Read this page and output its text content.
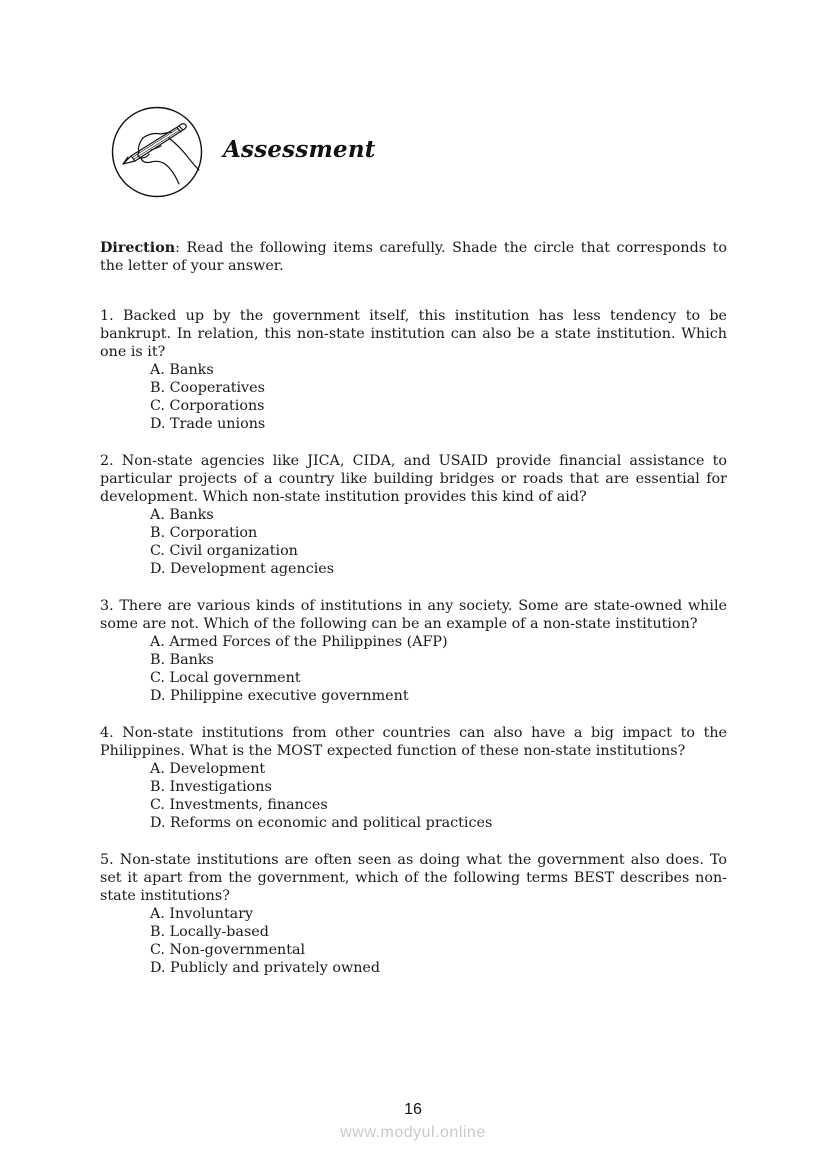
Assessment

Direction: Read the following items carefully. Shade the circle that corresponds to the letter of your answer.

1. Backed up by the government itself, this institution has less tendency to be bankrupt. In relation, this non-state institution can also be a state institution. Which one is it?

A. Banks
B. Cooperatives
C. Corporations
D. Trade unions

2. Non-state agencies like JICA, CIDA, and USAID provide financial assistance to particular projects of a country like building bridges or roads that are essential for development. Which non-state institution provides this kind of aid?

A. Banks
B. Corporation
C. Civil organization
D. Development agencies

3. There are various kinds of institutions in any society. Some are state-owned while some are not. Which of the following can be an example of a non-state institution?

A. Armed Forces of the Philippines (AFP)
B. Banks
C. Local government
D. Philippine executive government

4. Non-state institutions from other countries can also have a big impact to the Philippines. What is the MOST expected function of these non-state institutions?

A. Development
B. Investigations
C. Investments, finances
D. Reforms on economic and political practices

5. Non-state institutions are often seen as doing what the government also does. To set it apart from the government, which of the following terms BEST describes non-state institutions?

A. Involuntary
B. Locally-based
C. Non-governmental
D. Publicly and privately owned
16
www.modyul.online
